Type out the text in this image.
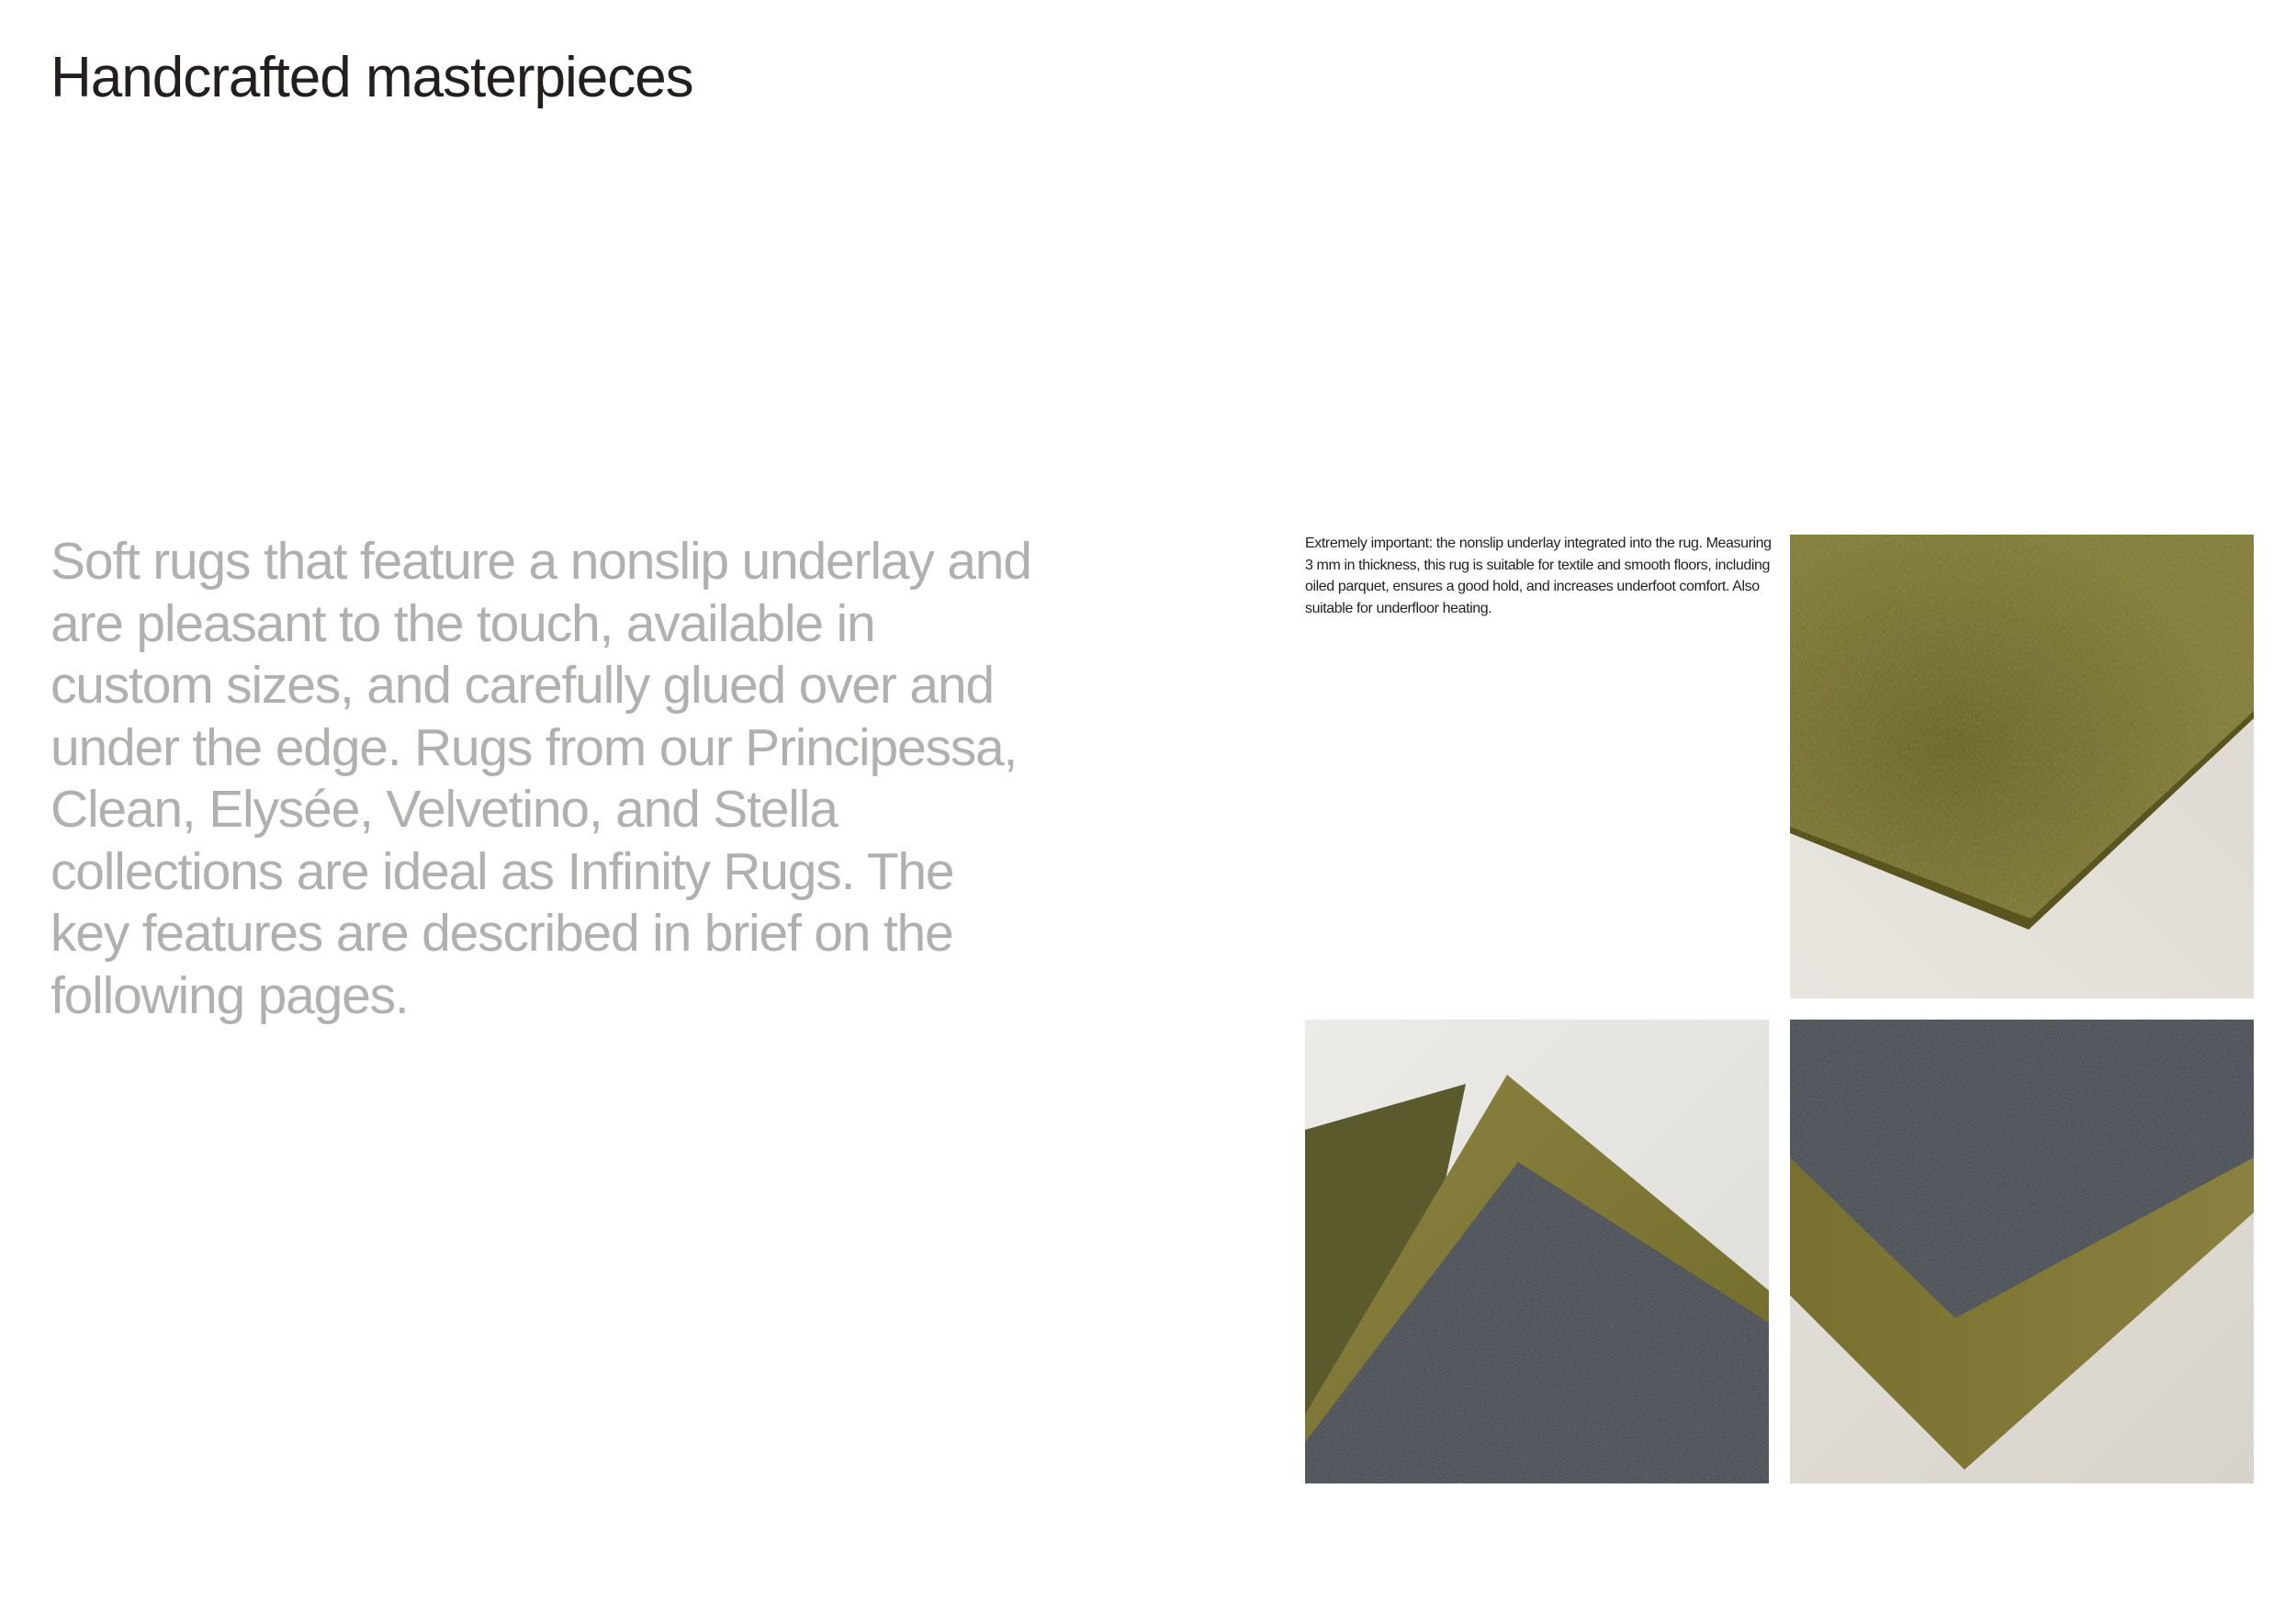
Handcrafted masterpieces

Soft rugs that feature a nonslip underlay and are pleasant to the touch, available in custom sizes, and carefully glued over and under the edge. Rugs from our Principessa, Clean, Elysée, Velvetino, and Stella collections are ideal as Infinity Rugs. The key features are described in brief on the following pages.

Extremely important: the nonslip underlay integrated into the rug. Measuring 3 mm in thickness, this rug is suitable for textile and smooth floors, including oiled parquet, ensures a good hold, and increases underfoot comfort. Also suitable for underfloor heating.
